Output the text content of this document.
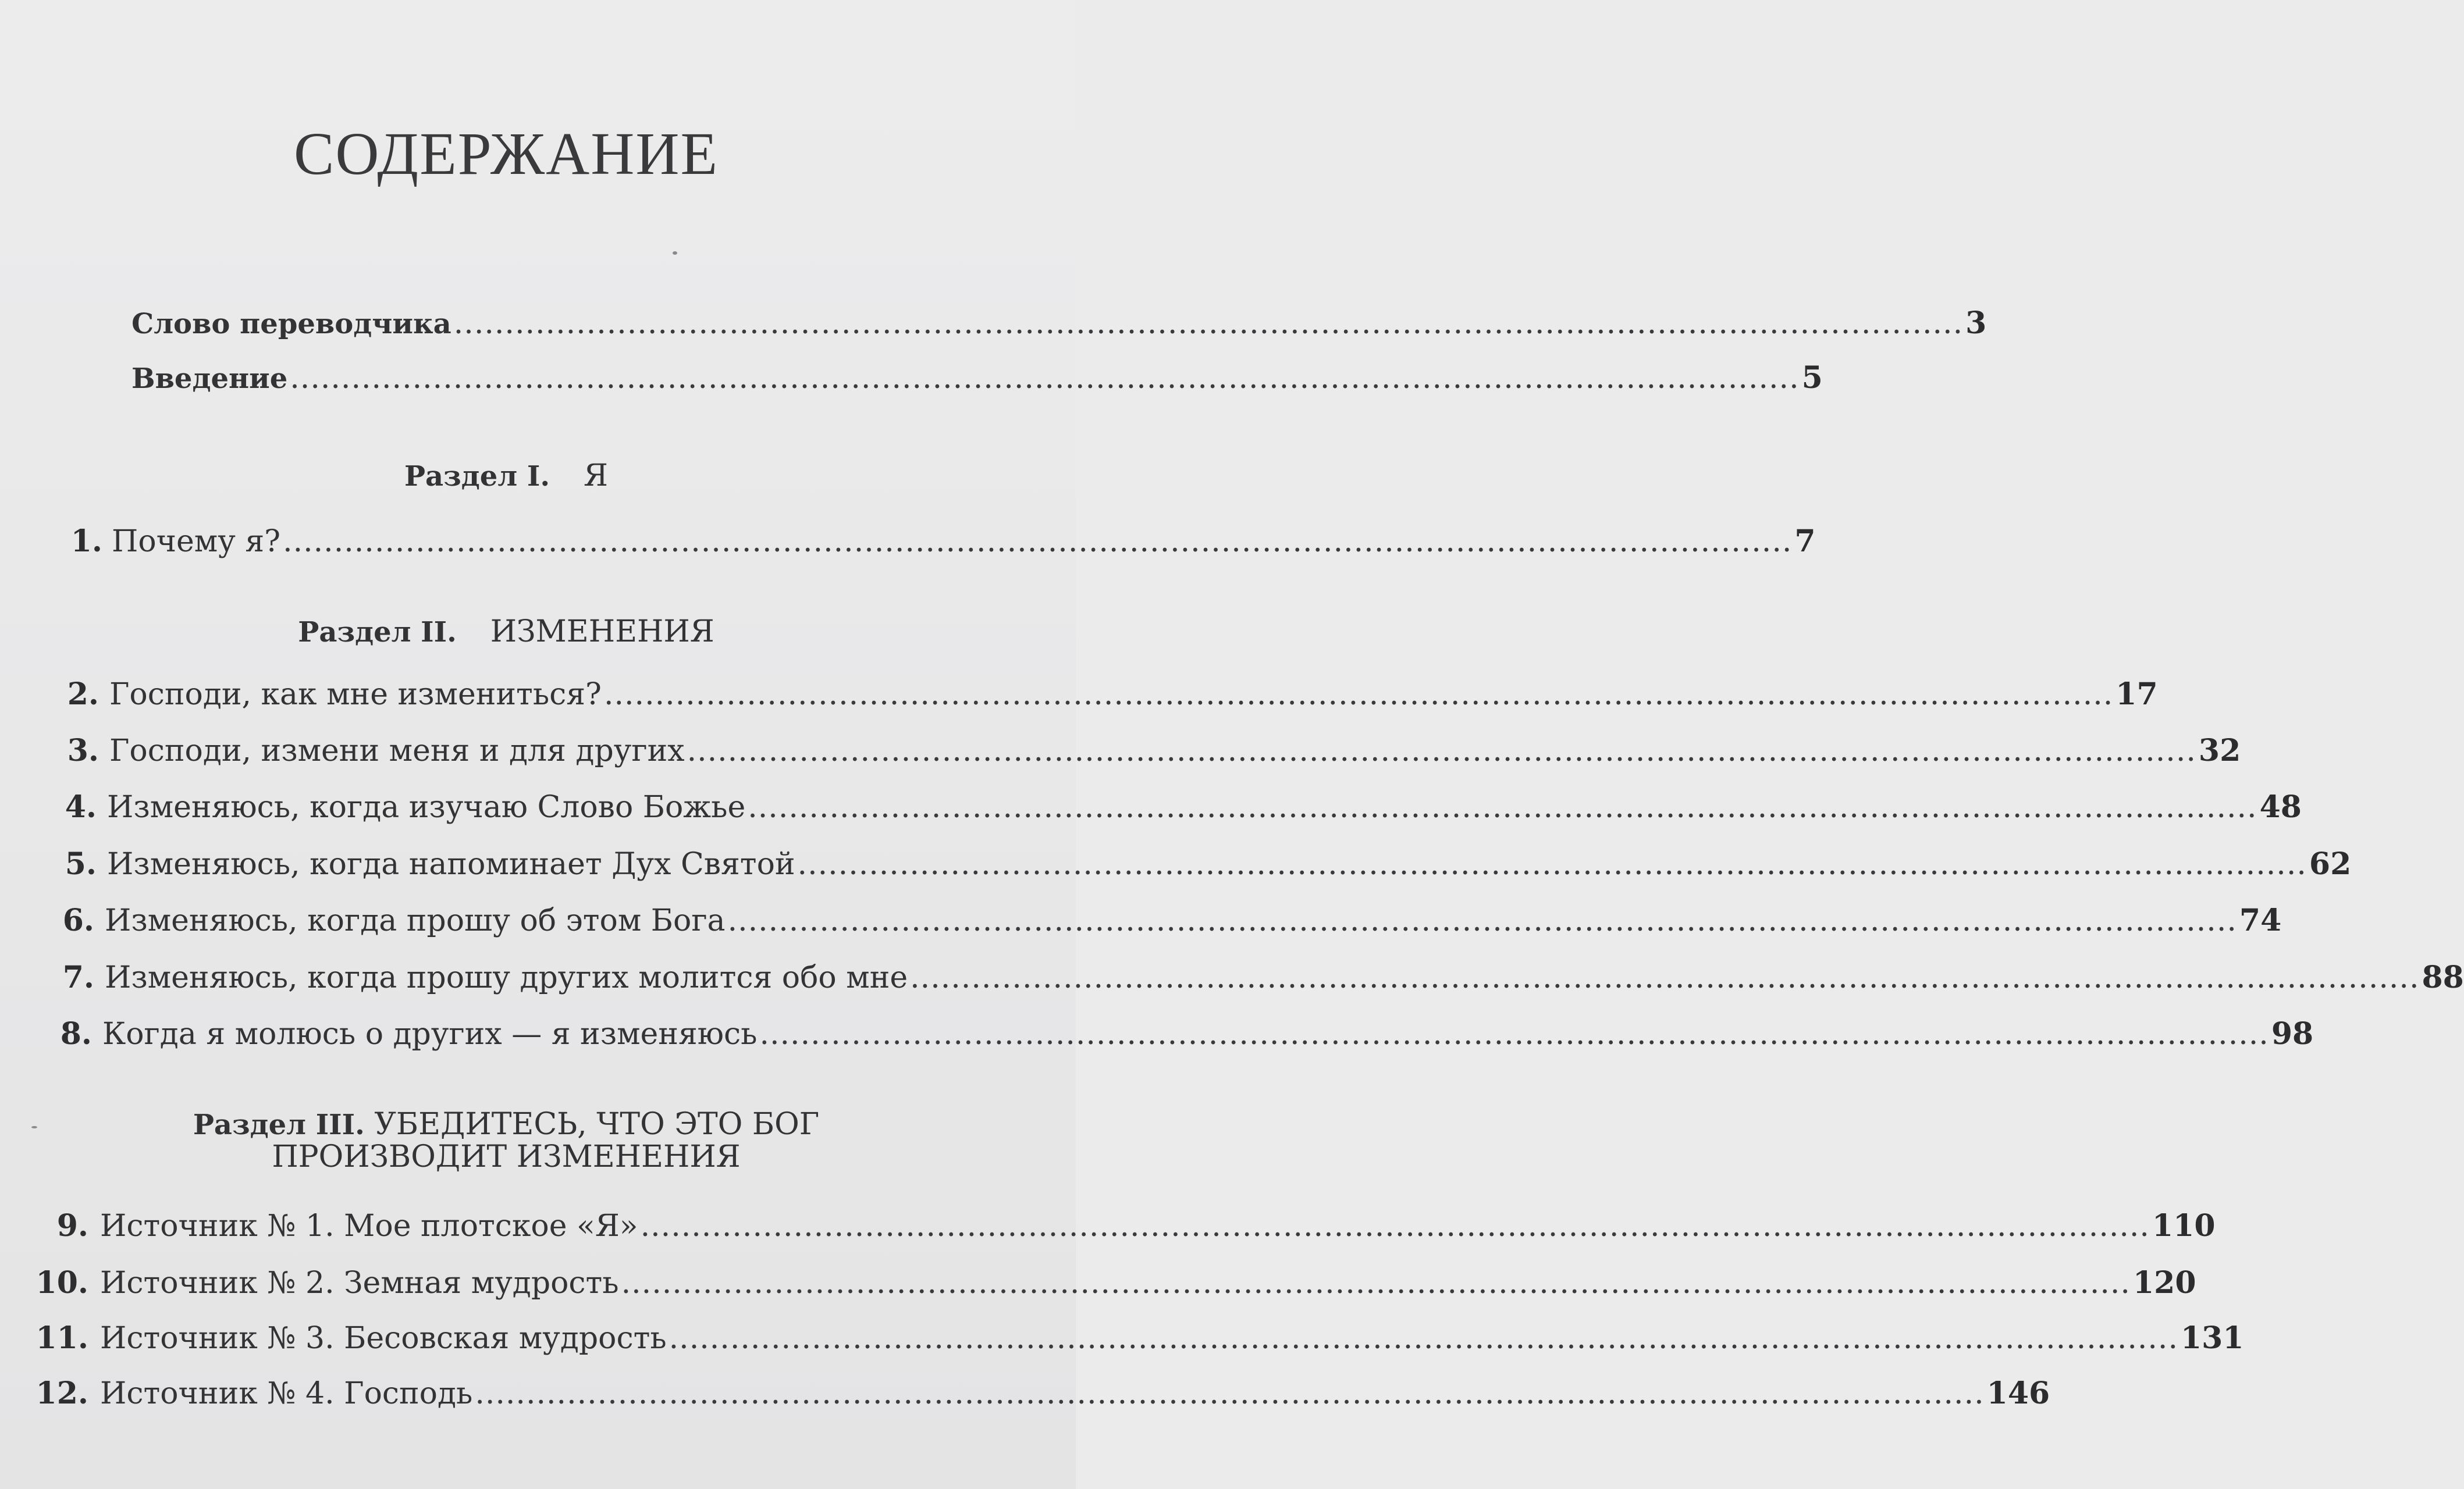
СОДЕРЖАНИЕ
Слово переводчика .................................................................................................................................................... 3
Введение .................................................................................................................................................... 5
Раздел I. Я
1. Почему я? .................................................................................................................................................... 7
Раздел II. ИЗМЕНЕНИЯ
2. Господи, как мне измениться? .................................................................................................................................................... 17
3. Господи, измени меня и для других .................................................................................................................................................... 32
4. Изменяюсь, когда изучаю Слово Божье .................................................................................................................................................... 48
5. Изменяюсь, когда напоминает Дух Святой .................................................................................................................................................... 62
6. Изменяюсь, когда прошу об этом Бога .................................................................................................................................................... 74
7. Изменяюсь, когда прошу других молится обо мне .................................................................................................................................................... 88
8. Когда я молюсь о других — я изменяюсь .................................................................................................................................................... 98
Раздел III. УБЕДИТЕСЬ, ЧТО ЭТО БОГ
ПРОИЗВОДИТ ИЗМЕНЕНИЯ
9. Источник № 1. Мое плотское «Я» .................................................................................................................................................... 110
10. Источник № 2. Земная мудрость .................................................................................................................................................... 120
11. Источник № 3. Бесовская мудрость .................................................................................................................................................... 131
12. Источник № 4. Господь .................................................................................................................................................... 146
